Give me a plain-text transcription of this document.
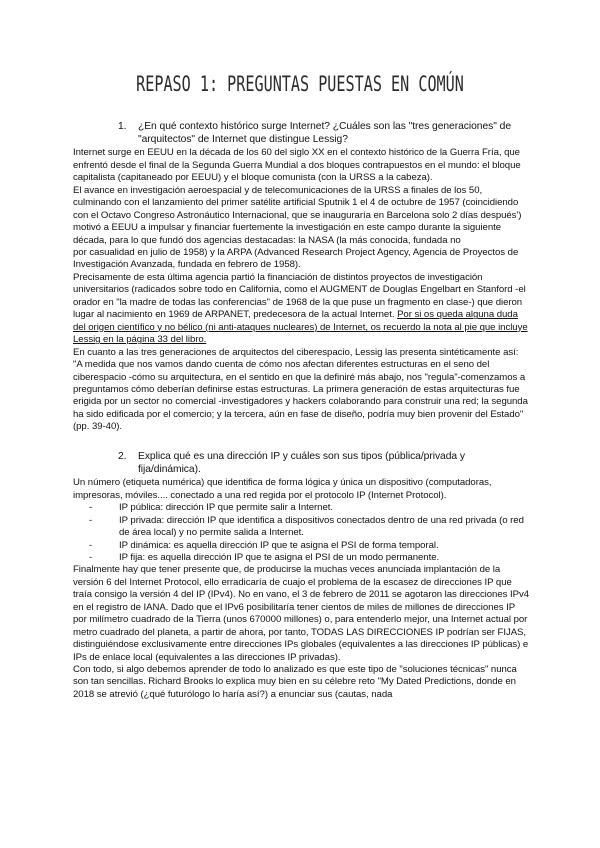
REPASO 1: PREGUNTAS PUESTAS EN COMÚN
1.	¿En qué contexto histórico surge Internet? ¿Cuáles son las "tres generaciones" de "arquitectos" de Internet que distingue Lessig?

Internet surge en EEUU en la década de los 60 del siglo XX en el contexto histórico de la Guerra Fría, que enfrentó desde el final de la Segunda Guerra Mundial a dos bloques contrapuestos en el mundo: el bloque capitalista (capitaneado por EEUU) y el bloque comunista (con la URSS a la cabeza).

El avance en investigación aeroespacial y de telecomunicaciones de la URSS a finales de los 50, culminando con el lanzamiento del primer satélite artificial Sputnik 1 el 4 de octubre de 1957 (coincidiendo con el Octavo Congreso Astronáutico Internacional, que se inauguraría en Barcelona solo 2 días después') motivó a EEUU a impulsar y financiar fuertemente la investigación en este campo durante la siguiente década, para lo que fundó dos agencias destacadas: la NASA (la más conocida, fundada no

por casualidad en julio de 1958) y la ARPA (Advanced Research Project Agency, Agencia de Proyectos de Investigación Avanzada, fundada en febrero de 1958).

Precisamente de esta última agencia partió la financiación de distintos proyectos de investigación universitarios (radicados sobre todo en California, como el AUGMENT de Douglas Engelbart en Stanford -el orador en "la madre de todas las conferencias" de 1968 de la que puse un fragmento en clase-) que dieron lugar al nacimiento en 1969 de ARPANET, predecesora de la actual Internet. Por si os queda alguna duda del origen científico y no bélico (ni anti-ataques nucleares) de Internet, os recuerdo la nota al pie que incluye Lessig en la página 33 del libro.

En cuanto a las tres generaciones de arquitectos del ciberespacio, Lessig las presenta sintéticamente así: "A medida que nos vamos dando cuenta de cómo nos afectan diferentes estructuras en el seno del ciberespacio -cómo su arquitectura, en el sentido en que la definiré más abajo, nos "regula"-comenzamos a preguntamos cómo deberían definirse estas estructuras. La primera generación de estas arquitecturas fue erigida por un sector no comercial -investigadores y hackers colaborando para construir una red; la segunda ha sido edificada por el comercio; y la tercera, aún en fase de diseño, podría muy bien provenir del Estado" (pp. 39-40).

2.	Explica qué es una dirección IP y cuáles son sus tipos (pública/privada y fija/dinámica).

Un número (etiqueta numérica) que identifica de forma lógica y única un dispositivo (computadoras, impresoras, móviles.... conectado a una red regida por el protocolo IP (Internet Protocol).

-	IP pública: dirección IP que permite salir a Internet.
-	IP privada: dirección IP que identifica a dispositivos conectados dentro de una red privada (o red de área local) y no permite salida a Internet.
-	IP dinámica: es aquella dirección IP que te asigna el PSI de forma temporal.
-	IP fija: es aquella dirección IP que te asigna el PSI de un modo permanente.

Finalmente hay que tener presente que, de producirse la muchas veces anunciada implantación de la versión 6 del Internet Protocol, ello erradicaría de cuajo el problema de la escasez de direcciones IP que traía consigo la versión 4 del IP (IPv4). No en vano, el 3 de febrero de 2011 se agotaron las direcciones IPv4 en el registro de IANA. Dado que el IPv6 posibilitaría tener cientos de miles de millones de direcciones IP por milímetro cuadrado de la Tierra (unos 670000 millones) o, para entenderlo mejor, una Internet actual por metro cuadrado del planeta, a partir de ahora, por tanto, TODAS LAS DIRECCIONES IP podrían ser FIJAS, distinguiéndose exclusivamente entre direcciones IPs globales (equivalentes a las direcciones IP públicas) e IPs de enlace local (equivalentes a las direcciones IP privadas).

Con todo, si algo debemos aprender de todo lo analizado es que este tipo de "soluciones técnicas" nunca son tan sencillas. Richard Brooks lo explica muy bien en su célebre reto "My Dated Predictions, donde en 2018 se atrevió (¿qué futurólogo lo haría así?) a enunciar sus (cautas, nada
